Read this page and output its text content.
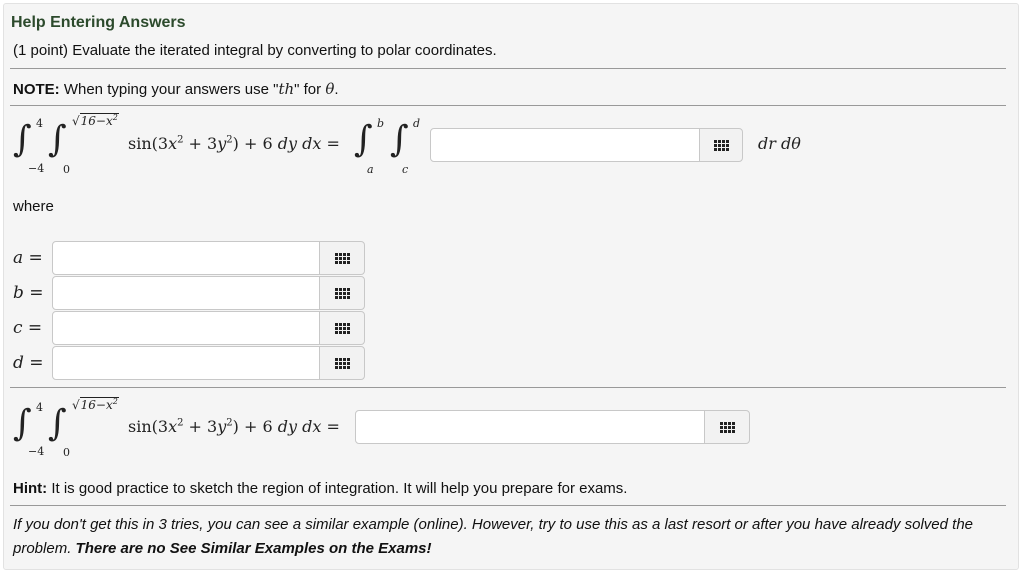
Help Entering Answers
(1 point) Evaluate the iterated integral by converting to polar coordinates.
NOTE: When typing your answers use "th" for θ.
∫ 4
−4
∫ $√16-x^2$
0
$\sin(3x^2 + 3y^2) + 6$ dy dx = ∫ b
a
∫ d
c
dr dθ
where
a =
b =
c =
d =
∫ 4
−4
∫ $√16-x^2$
0
$\sin(3x^2 + 3y^2) + 6$ dy dx =
Hint: It is good practice to sketch the region of integration. It will help you prepare for exams.
If you don't get this in 3 tries, you can see a similar example (online). However, try to use this as a last resort or after you have already solved the problem. There are no See Similar Examples on the Exams!
